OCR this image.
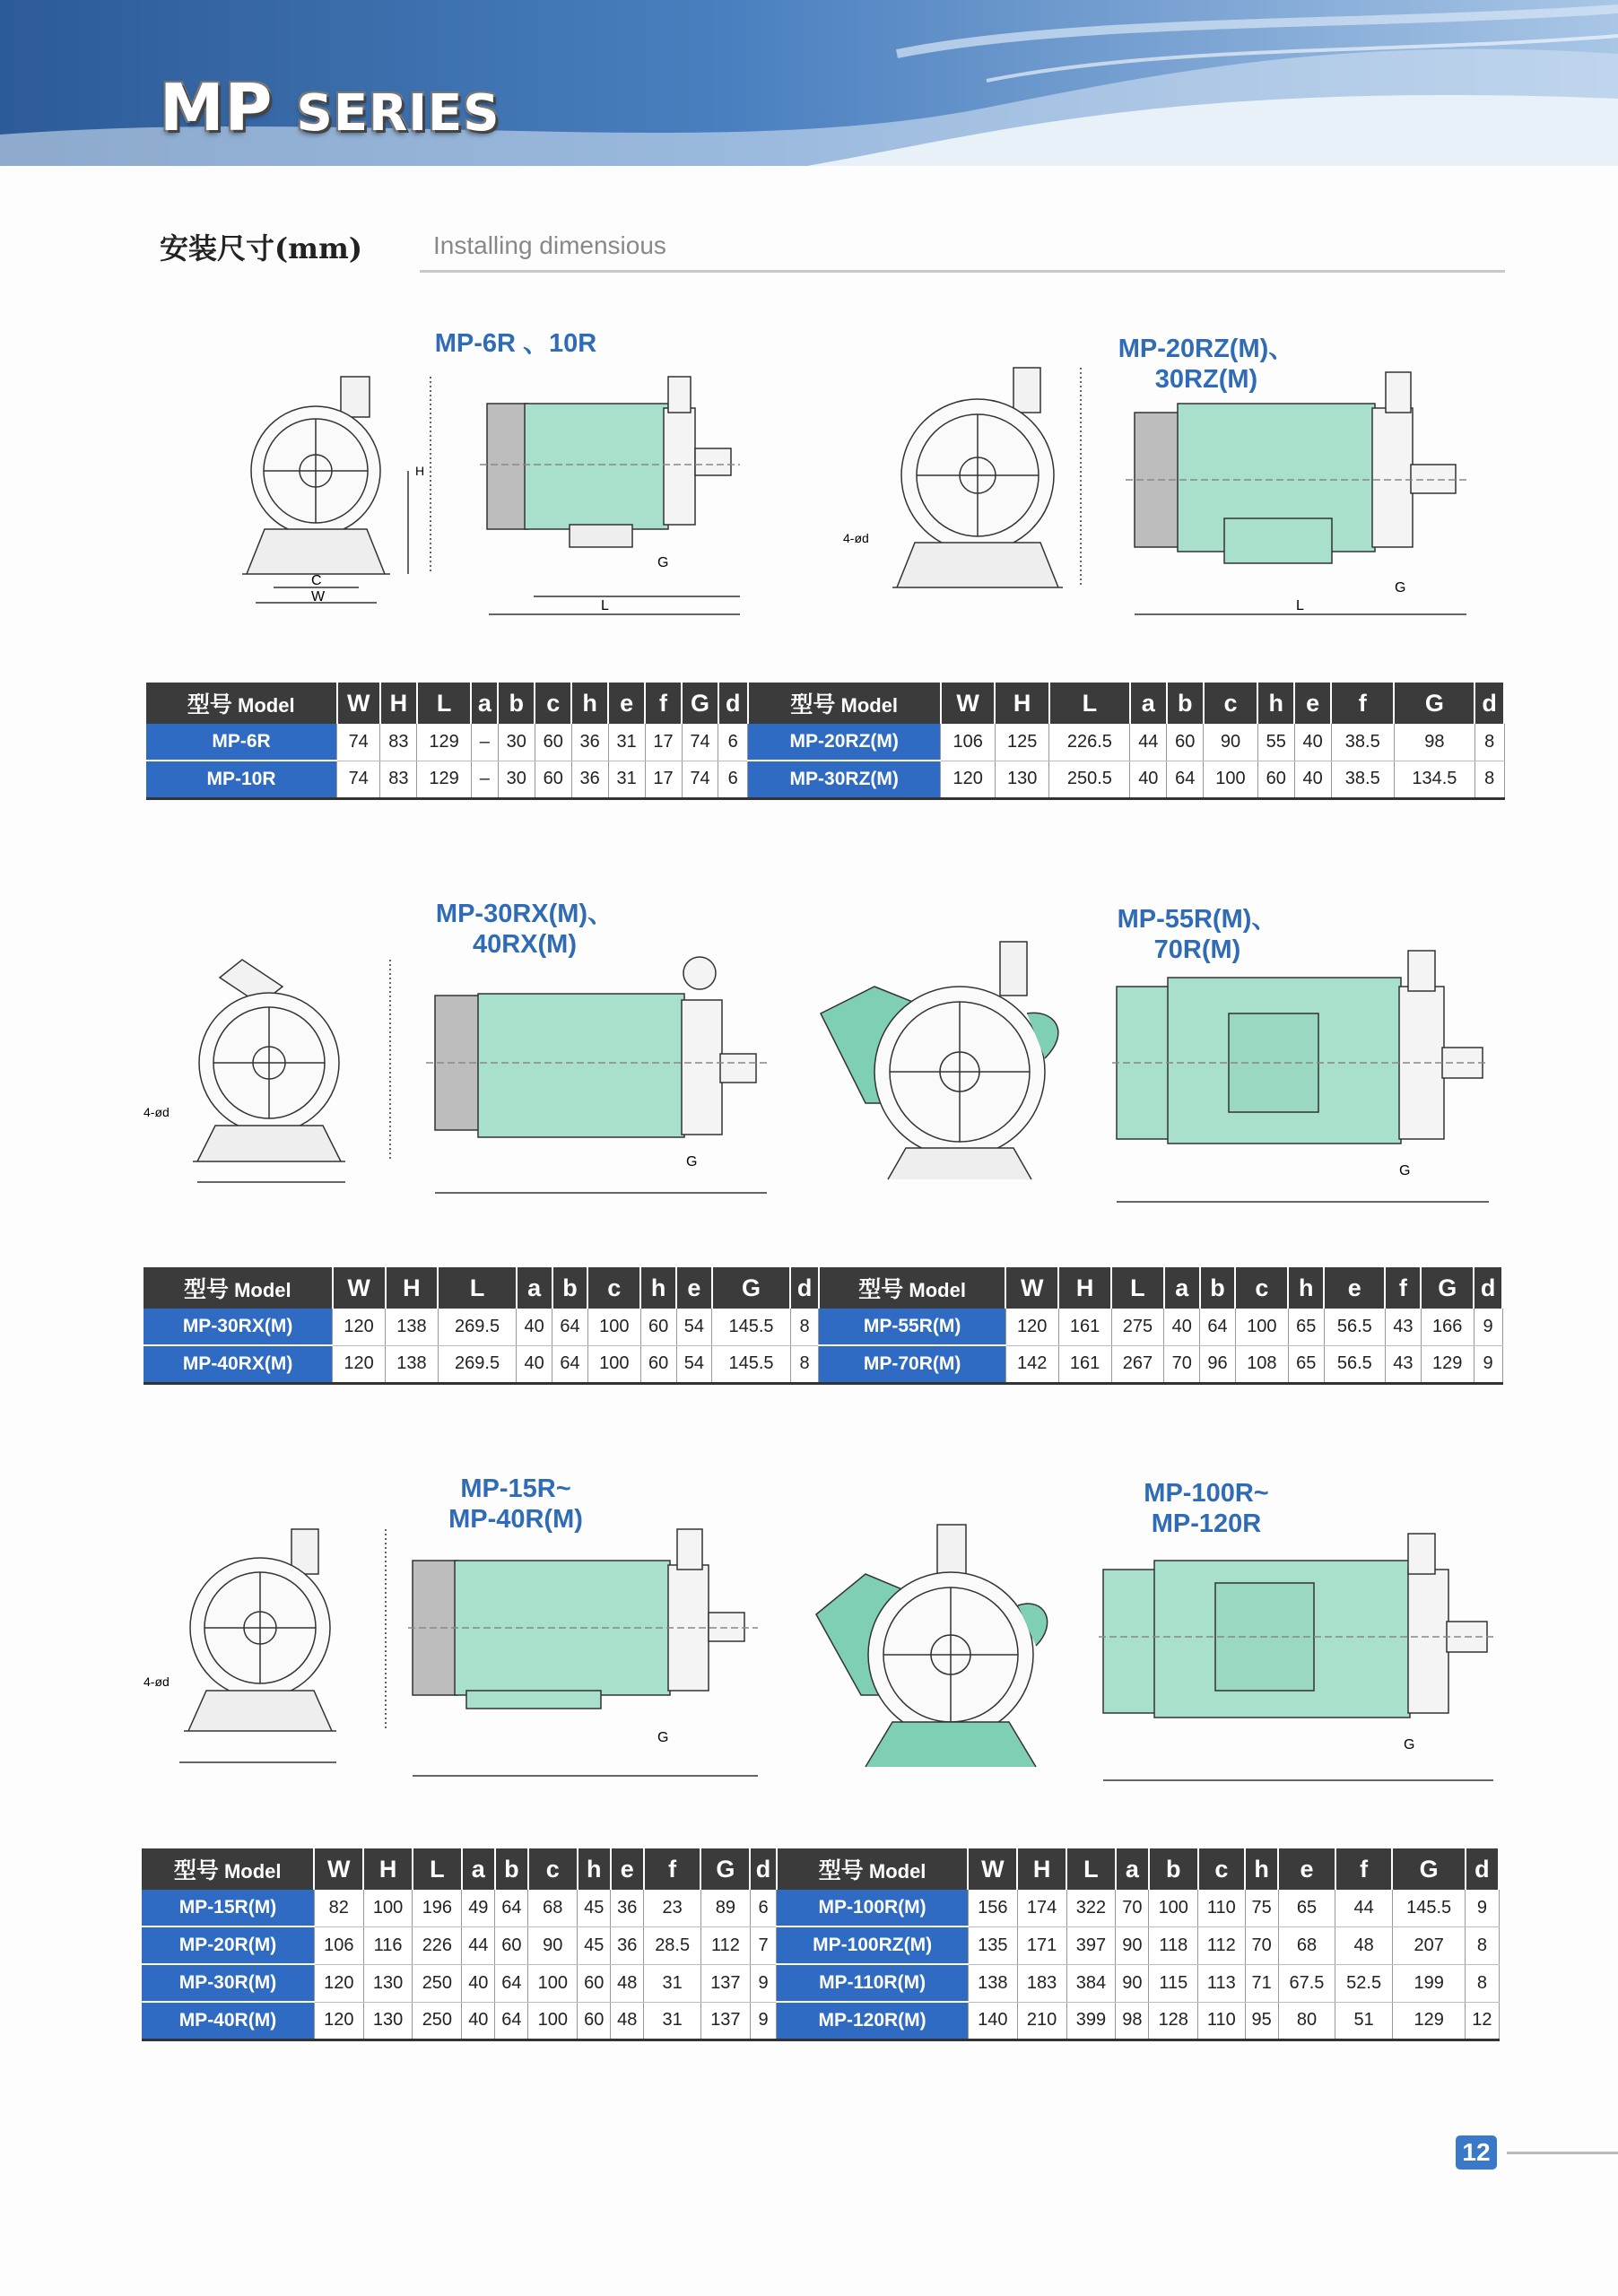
MP SERIES
安装尺寸(mm)	Installing dimensious
MP-6R 、10R	MP-20RZ(M)、
30RZ(M)
C
W
H
G
L
4-ød
G
L
型号 Model	W	H	L	a	b	c	h	e	f	G	d	型号 Model	W	H	L	a	b	c	h	e	f	G	d
MP-6R	74	83	129	–	30	60	36	31	17	74	6	MP-20RZ(M)	106	125	226.5	44	60	90	55	40	38.5	98	8
MP-10R	74	83	129	–	30	60	36	31	17	74	6	MP-30RZ(M)	120	130	250.5	40	64	100	60	40	38.5	134.5	8
MP-30RX(M)、
40RX(M)
MP-55R(M)、
70R(M)
4-ød
G
G
型号 Model	W	H	L	a	b	c	h	e	G	d	型号 Model	W	H	L	a	b	c	h	e	f	G	d
MP-30RX(M)	120	138	269.5	40	64	100	60	54	145.5	8	MP-55R(M)	120	161	275	40	64	100	65	56.5	43	166	9
MP-40RX(M)	120	138	269.5	40	64	100	60	54	145.5	8	MP-70R(M)	142	161	267	70	96	108	65	56.5	43	129	9
MP-15R~
MP-40R(M)
MP-100R~
MP-120R
4-ød
G	G
型号 Model	W	H	L	a	b	c	h	e	f	G	d	型号 Model	W	H	L	a	b	c	h	e	f	G	d
MP-15R(M)	82	100	196	49	64	68	45	36	23	89	6	MP-100R(M)	156	174	322	70	100	110	75	65	44	145.5	9
MP-20R(M)	106	116	226	44	60	90	45	36	28.5	112	7	MP-100RZ(M)	135	171	397	90	118	112	70	68	48	207	8
MP-30R(M)	120	130	250	40	64	100	60	48	31	137	9	MP-110R(M)	138	183	384	90	115	113	71	67.5	52.5	199	8
MP-40R(M)	120	130	250	40	64	100	60	48	31	137	9	MP-120R(M)	140	210	399	98	128	110	95	80	51	129	12
12
